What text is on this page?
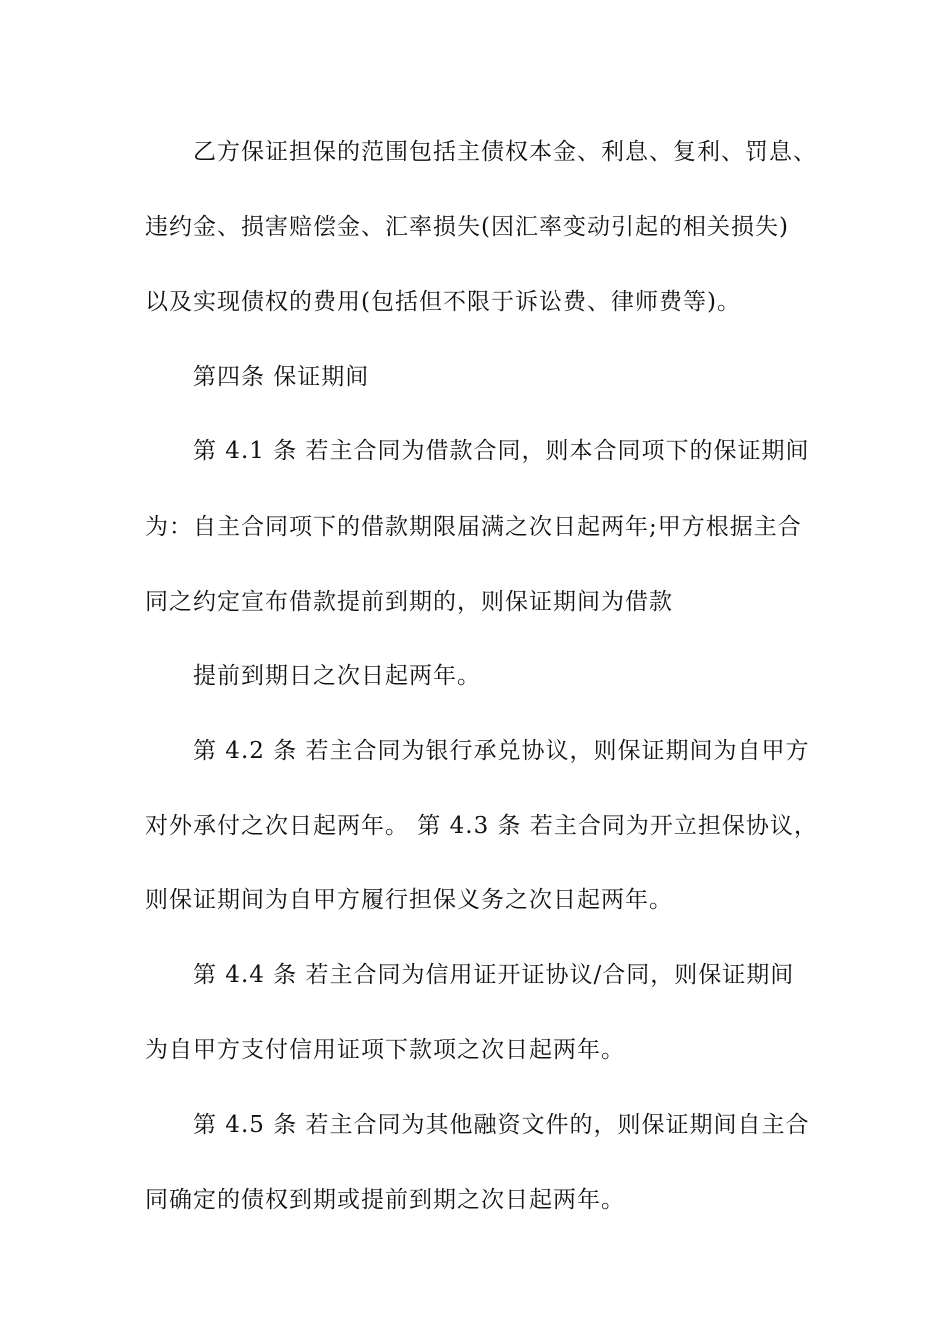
乙方保证担保的范围包括主债权本金、利息、复利、罚息、
违约金、损害赔偿金、汇率损失(因汇率变动引起的相关损失)
以及实现债权的费用(包括但不限于诉讼费、律师费等)。
第四条 保证期间
第 4.1 条 若主合同为借款合同，则本合同项下的保证期间
为：自主合同项下的借款期限届满之次日起两年;甲方根据主合
同之约定宣布借款提前到期的，则保证期间为借款
提前到期日之次日起两年。
第 4.2 条 若主合同为银行承兑协议，则保证期间为自甲方
对外承付之次日起两年。 第 4.3 条 若主合同为开立担保协议，
则保证期间为自甲方履行担保义务之次日起两年。
第 4.4 条 若主合同为信用证开证协议/合同，则保证期间
为自甲方支付信用证项下款项之次日起两年。
第 4.5 条 若主合同为其他融资文件的，则保证期间自主合
同确定的债权到期或提前到期之次日起两年。
